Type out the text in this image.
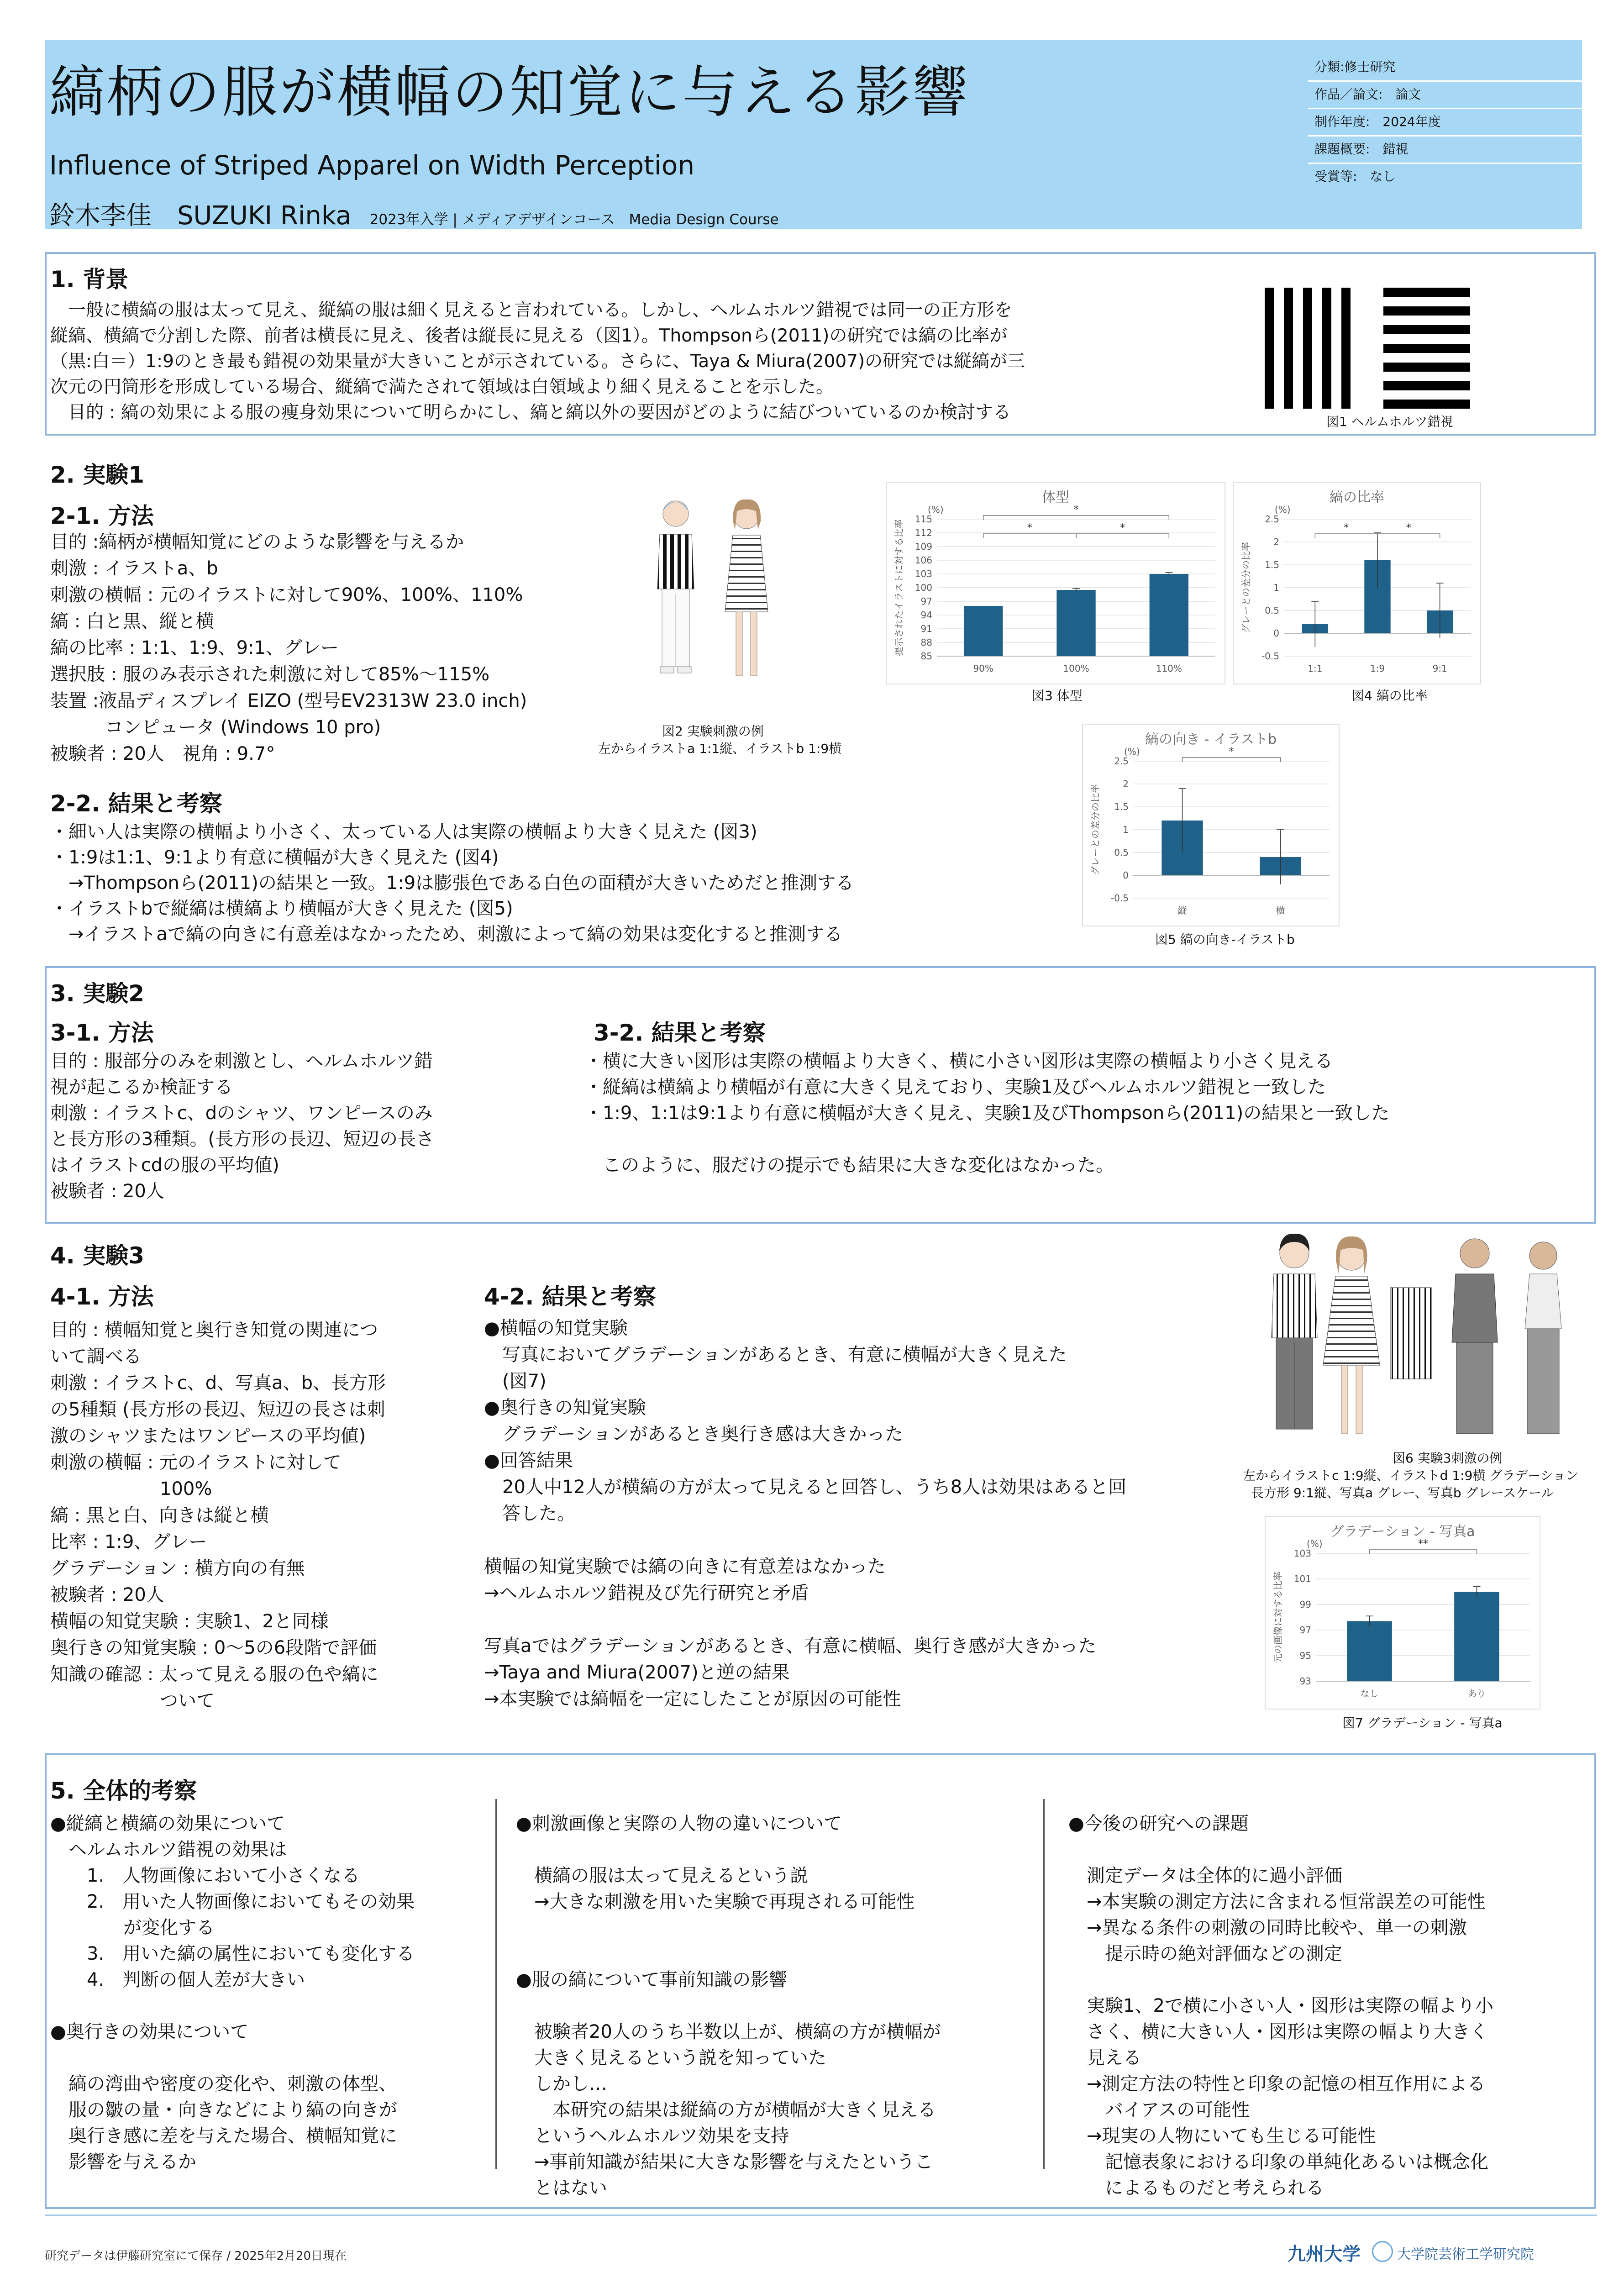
縞柄の服が横幅の知覚に与える影響
Influence of Striped Apparel on Width Perception
鈴木李佳　SUZUKI Rinka 2023年入学 | メディアデザインコース　Media Design Course
分類:修士研究
作品／論文:　論文
制作年度:　2024年度
課題概要:　錯視
受賞等:　なし
1. 背景
　一般に横縞の服は太って見え、縦縞の服は細く見えると言われている。しかし、ヘルムホルツ錯視では同一の正方形を
縦縞、横縞で分割した際、前者は横長に見え、後者は縦長に見える（図1）。Thompsonら(2011)の研究では縞の比率が
（黒:白＝）1:9のとき最も錯視の効果量が大きいことが示されている。さらに、Taya & Miura(2007)の研究では縦縞が三
次元の円筒形を形成している場合、縦縞で満たされて領域は白領域より細く見えることを示した。
　目的 : 縞の効果による服の痩身効果について明らかにし、縞と縞以外の要因がどのように結びついているのか検討する	図1 ヘルムホルツ錯視
2. 実験1
2-1. 方法
目的 :縞柄が横幅知覚にどのような影響を与えるか
刺激 : イラストa、b
刺激の横幅 : 元のイラストに対して90%、100%、110%
縞 : 白と黒、縦と横
縞の比率 : 1:1、1:9、9:1、グレー
選択肢 : 服のみ表示された刺激に対して85%～115%
装置 :液晶ディスプレイ EIZO (型号EV2313W 23.0 inch)
　　　コンピュータ (Windows 10 pro)
被験者 : 20人　視角 : 9.7°
図2 実験刺激の例
左からイラストa 1:1縦、イラストb 1:9横
体型
(%)
提示されたイラストに対する比率
85
88
91
94
97
100
103
106
109
112
115
90%	100%	110%
*	*
*
図3 体型
縞の比率
(%)
グレーとの差分の比率
-0.5
0
0.5
1
1.5
2
2.5
1:1	1:9	9:1
*	*
図4 縞の比率
2-2. 結果と考察
・細い人は実際の横幅より小さく、太っている人は実際の横幅より大きく見えた (図3)
・1:9は1:1、9:1より有意に横幅が大きく見えた (図4)
　→Thompsonら(2011)の結果と一致。1:9は膨張色である白色の面積が大きいためだと推測する
・イラストbで縦縞は横縞より横幅が大きく見えた (図5)
　→イラストaで縞の向きに有意差はなかったため、刺激によって縞の効果は変化すると推測する
縞の向き - イラストb
(%)
グレーとの差分の比率
-0.5
0
0.5
1
1.5
2
2.5
縦	横
*
図5 縞の向き-イラストb
3. 実験2
3-1. 方法
目的 : 服部分のみを刺激とし、ヘルムホルツ錯
視が起こるか検証する
刺激 : イラストc、dのシャツ、ワンピースのみ
と長方形の3種類。(長方形の長辺、短辺の長さ
はイラストcdの服の平均値)
被験者 : 20人
3-2. 結果と考察
・横に大きい図形は実際の横幅より大きく、横に小さい図形は実際の横幅より小さく見える
・縦縞は横縞より横幅が有意に大きく見えており、実験1及びヘルムホルツ錯視と一致した
・1:9、1:1は9:1より有意に横幅が大きく見え、実験1及びThompsonら(2011)の結果と一致した

　このように、服だけの提示でも結果に大きな変化はなかった。
4. 実験3
4-1. 方法
目的 : 横幅知覚と奥行き知覚の関連につ
いて調べる
刺激 : イラストc、d、写真a、b、長方形
の5種類 (長方形の長辺、短辺の長さは刺
激のシャツまたはワンピースの平均値)
刺激の横幅 : 元のイラストに対して
　　　　　　100%
縞 : 黒と白、向きは縦と横
比率 : 1:9、グレー
グラデーション : 横方向の有無
被験者 : 20人
横幅の知覚実験 : 実験1、2と同様
奥行きの知覚実験 : 0～5の6段階で評価
知識の確認 : 太って見える服の色や縞に
　　　　　　ついて
4-2. 結果と考察
●横幅の知覚実験
　写真においてグラデーションがあるとき、有意に横幅が大きく見えた
　(図7)
●奥行きの知覚実験
　グラデーションがあるとき奥行き感は大きかった
●回答結果
　20人中12人が横縞の方が太って見えると回答し、うち8人は効果はあると回
　答した。

横幅の知覚実験では縞の向きに有意差はなかった
→ヘルムホルツ錯視及び先行研究と矛盾

写真aではグラデーションがあるとき、有意に横幅、奥行き感が大きかった
→Taya and Miura(2007)と逆の結果
→本実験では縞幅を一定にしたことが原因の可能性
図6 実験3刺激の例
左からイラストc 1:9縦、イラストd 1:9横 グラデーション
長方形 9:1縦、写真a グレー、写真b グレースケール
グラデーション - 写真a
(%)
元の画像に対する比率
93
95
97
99
101
103
なし	あり
**
図7 グラデーション - 写真a
5. 全体的考察
●縦縞と横縞の効果について
　ヘルムホルツ錯視の効果は
　　1.　人物画像において小さくなる
　　2.　用いた人物画像においてもその効果
　　　　が変化する
　　3.　用いた縞の属性においても変化する
　　4.　判断の個人差が大きい

●奥行きの効果について

　縞の湾曲や密度の変化や、刺激の体型、
　服の皺の量・向きなどにより縞の向きが
　奥行き感に差を与えた場合、横幅知覚に
　影響を与えるか
●刺激画像と実際の人物の違いについて

　横縞の服は太って見えるという説
　→大きな刺激を用いた実験で再現される可能性

●服の縞について事前知識の影響

　被験者20人のうち半数以上が、横縞の方が横幅が
　大きく見えるという説を知っていた
　しかし…
　　本研究の結果は縦縞の方が横幅が大きく見える
　というヘルムホルツ効果を支持
　→事前知識が結果に大きな影響を与えたというこ
　とはない
●今後の研究への課題

　測定データは全体的に過小評価
　→本実験の測定方法に含まれる恒常誤差の可能性
　→異なる条件の刺激の同時比較や、単一の刺激
　　提示時の絶対評価などの測定

　実験1、2で横に小さい人・図形は実際の幅より小
　さく、横に大きい人・図形は実際の幅より大きく
　見える
　→測定方法の特性と印象の記憶の相互作用による
　　バイアスの可能性
　→現実の人物にいても生じる可能性
　　記憶表象における印象の単純化あるいは概念化
　　によるものだと考えられる
研究データは伊藤研究室にて保存 / 2025年2月20日現在	九州大学	大学院芸術工学研究院
